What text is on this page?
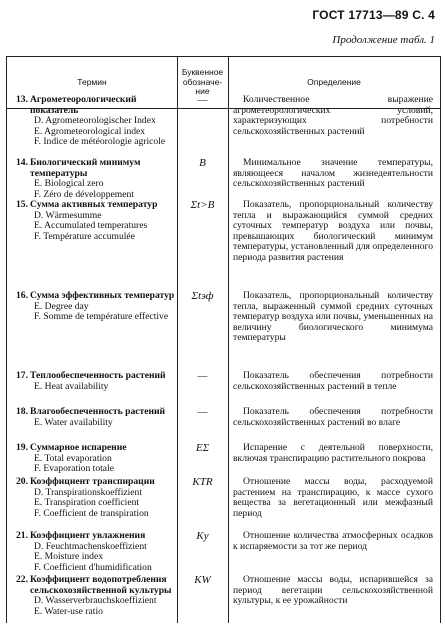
ГОСТ 17713—89 С. 4
Продолжение табл. 1
Термин
Буквенное обозначе-ние
Определение
13. Агрометеорологический показатель
D. Agrometeorologischer Index
E. Agrometeorological index
F. Indice de météorologie agricole
—	Количественное выражение агрометеорологических условий, характеризующих потребности сельскохозяйственных растений
14. Биологический минимум температуры
E. Biological zero
F. Zéro de développement
B	Минимальное значение температуры, являющееся началом жизнедеятельности сельскохозяйственных растений
15. Сумма активных температур
D. Wärmesumme
E. Accumulated temperatures
F. Température accumulée
Σt>B	Показатель, пропорциональный количеству тепла и выражающийся суммой средних суточных температур воздуха или почвы, превышающих биологический минимум температуры, установленный для определенного периода развития растения
16. Сумма эффективных температур
E. Degree day
F. Somme de température effective
Σtэф	Показатель, пропорциональный количеству тепла, выраженный суммой средних суточных температур воздуха или почвы, уменьшенных на величину биологического минимума температуры
17. Теплообеспеченность растений
E. Heat availability
—	Показатель обеспечения потребности сельскохозяйственных растений в тепле
18. Влагообеспеченность растений
E. Water availability
—	Показатель обеспечения потребности сельскохозяйственных растений во влаге
19. Суммарное испарение
E. Total evaporation
F. Evaporation totale
EΣ	Испарение с деятельной поверхности, включая транспирацию растительного покрова
20. Коэффициент транспирации
D. Transpirationskoeffizient
E. Transpiration coefficient
F. Coefficient de transpiration
KTR	Отношение массы воды, расходуемой растением на транспирацию, к массе сухого вещества за вегетационный или межфазный период
21. Коэффициент увлажнения
D. Feuchtmachenskoeffizient
E. Moisture index
F. Coefficient d'humidification
Kу	Отношение количества атмосферных осадков к испаряемости за тот же период
22. Коэффициент водопотребления сельскохозяйственной культуры
D. Wasserverbrauchskoeffizient
E. Water-use ratio
KW	Отношение массы воды, испарившейся за период вегетации сельскохозяйственной культуры, к ее урожайности
